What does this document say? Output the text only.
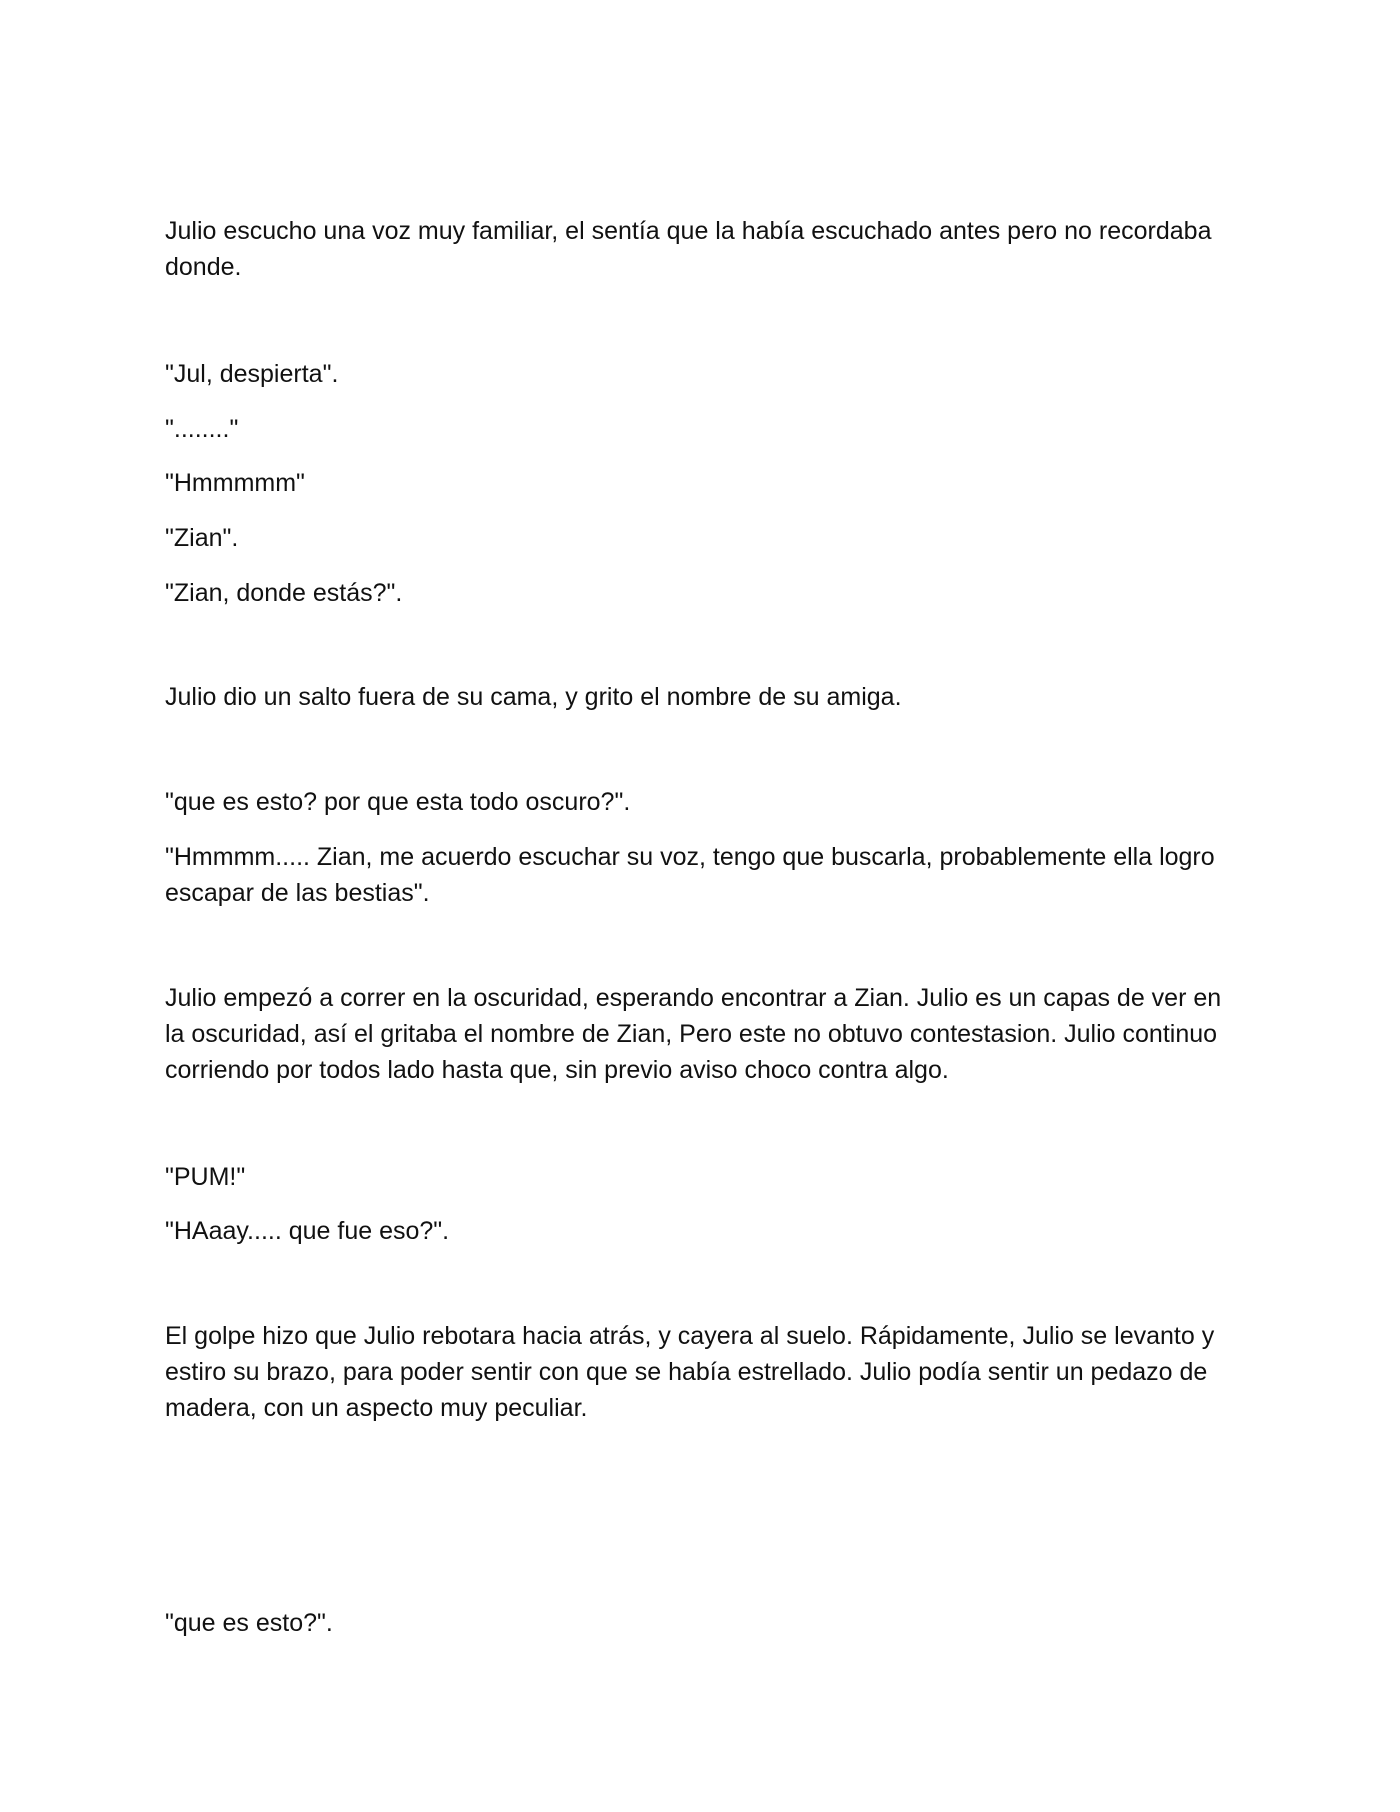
Julio escucho una voz muy familiar, el sentía que la había escuchado antes pero no recordaba donde.

"Jul, despierta".

"........"

"Hmmmmm"

"Zian".

"Zian, donde estás?".

Julio dio un salto fuera de su cama, y grito el nombre de su amiga.

"que es esto? por que esta todo oscuro?".

"Hmmmm..... Zian, me acuerdo escuchar su voz, tengo que buscarla, probablemente ella logro escapar de las bestias".

Julio empezó a correr en la oscuridad, esperando encontrar a Zian. Julio es un capas de ver en la oscuridad, así el gritaba el nombre de Zian, Pero este no obtuvo contestasion. Julio continuo corriendo por todos lado hasta que, sin previo aviso choco contra algo.

"PUM!"

"HAaay..... que fue eso?".

El golpe hizo que Julio rebotara hacia atrás, y cayera al suelo. Rápidamente, Julio se levanto y estiro su brazo, para poder sentir con que se había estrellado. Julio podía sentir un pedazo de madera, con un aspecto muy peculiar.

"que es esto?".
